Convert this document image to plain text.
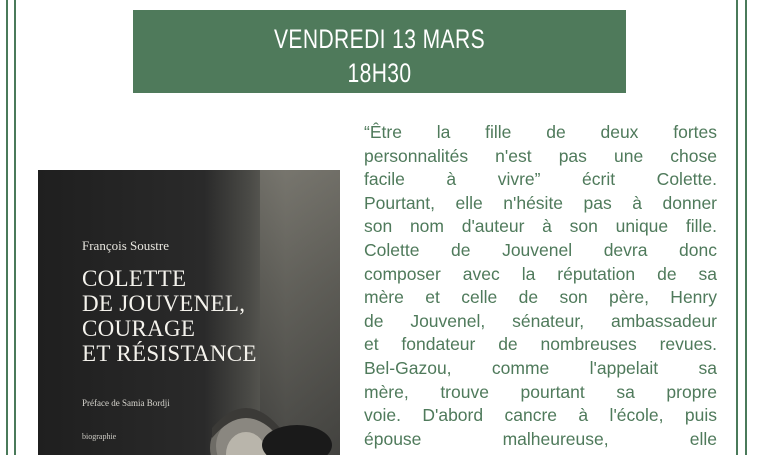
VENDREDI 13 MARS
18H30
François Soustre
COLETTE
DE JOUVENEL,
COURAGE
ET RÉSISTANCE
Préface de Samia Bordji
biographie
“Être la fille de deux fortes
personnalités n'est pas une chose
facile à vivre” écrit Colette.
Pourtant, elle n'hésite pas à donner
son nom d'auteur à son unique fille.
Colette de Jouvenel devra donc
composer avec la réputation de sa
mère et celle de son père, Henry
de Jouvenel, sénateur, ambassadeur
et fondateur de nombreuses revues.
Bel-Gazou, comme l'appelait sa
mère, trouve pourtant sa propre
voie. D'abord cancre à l'école, puis
épouse malheureuse, elle
